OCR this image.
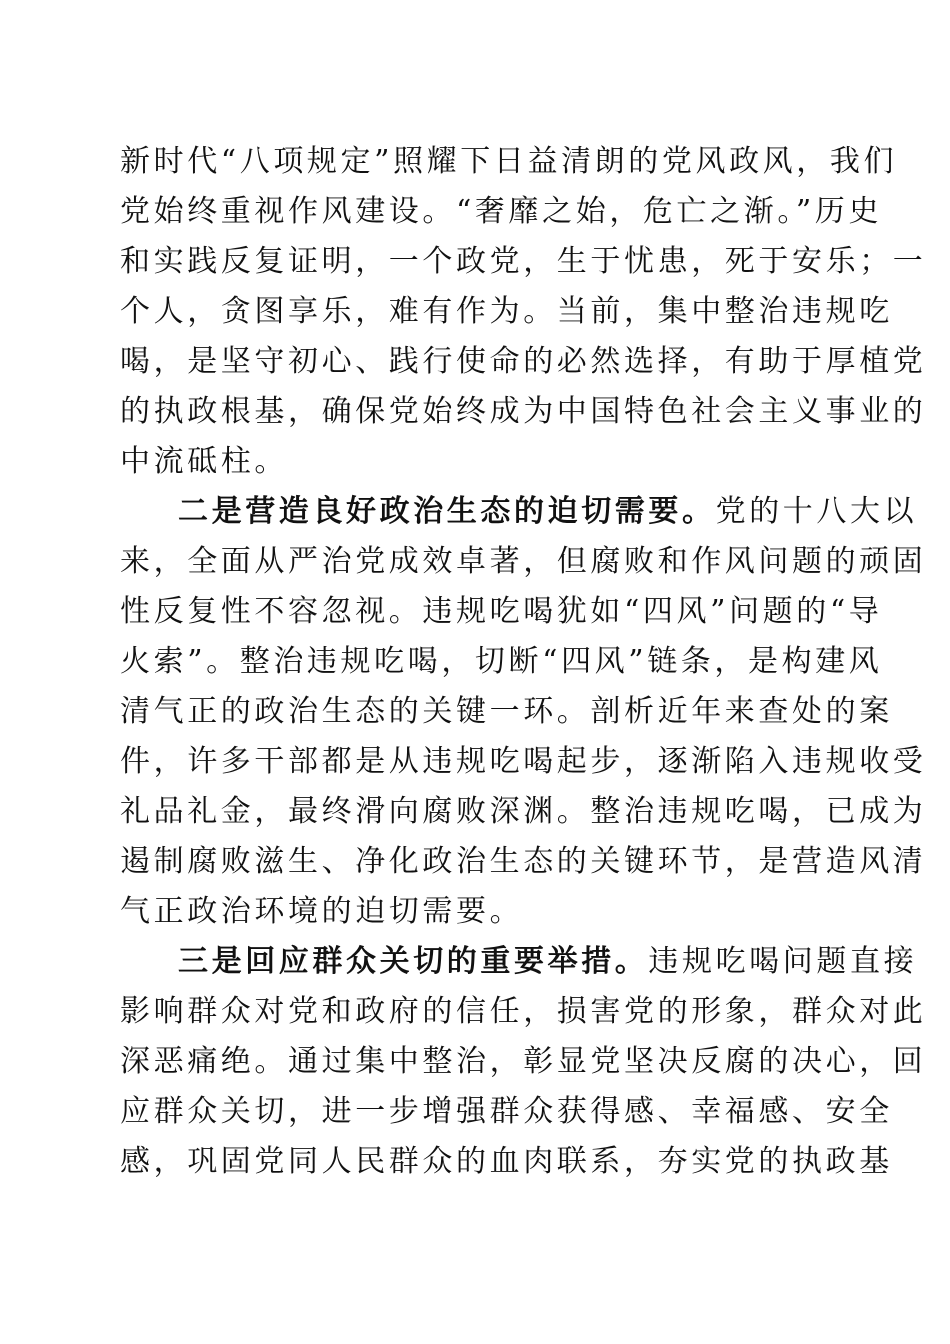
新时代“八项规定”照耀下日益清朗的党风政风，我们
党始终重视作风建设。“奢靡之始，危亡之渐。”历史
和实践反复证明，一个政党，生于忧患，死于安乐；一
个人，贪图享乐，难有作为。当前，集中整治违规吃
喝，是坚守初心、践行使命的必然选择，有助于厚植党
的执政根基，确保党始终成为中国特色社会主义事业的
中流砥柱。
二是营造良好政治生态的迫切需要。党的十八大以
来，全面从严治党成效卓著，但腐败和作风问题的顽固
性反复性不容忽视。违规吃喝犹如“四风”问题的“导
火索”。整治违规吃喝，切断“四风”链条，是构建风
清气正的政治生态的关键一环。剖析近年来查处的案
件，许多干部都是从违规吃喝起步，逐渐陷入违规收受
礼品礼金，最终滑向腐败深渊。整治违规吃喝，已成为
遏制腐败滋生、净化政治生态的关键环节，是营造风清
气正政治环境的迫切需要。
三是回应群众关切的重要举措。违规吃喝问题直接
影响群众对党和政府的信任，损害党的形象，群众对此
深恶痛绝。通过集中整治，彰显党坚决反腐的决心，回
应群众关切，进一步增强群众获得感、幸福感、安全
感，巩固党同人民群众的血肉联系，夯实党的执政基
